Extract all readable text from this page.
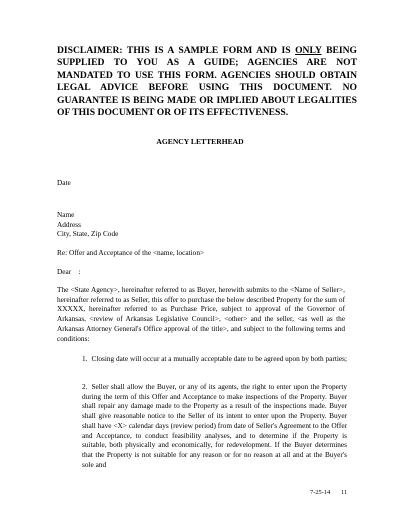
DISCLAIMER: THIS IS A SAMPLE FORM AND IS ONLY BEING SUPPLIED TO YOU AS A GUIDE; AGENCIES ARE NOT MANDATED TO USE THIS FORM. AGENCIES SHOULD OBTAIN LEGAL ADVICE BEFORE USING THIS DOCUMENT. NO GUARANTEE IS BEING MADE OR IMPLIED ABOUT LEGALITIES OF THIS DOCUMENT OR OF ITS EFFECTIVENESS.
AGENCY LETTERHEAD
Date
Name
Address
City, State, Zip Code
Re: Offer and Acceptance of the <name, location>
Dear    :
The <State Agency>, hereinafter referred to as Buyer, herewith submits to the <Name of Seller>, hereinafter referred to as Seller, this offer to purchase the below described Property for the sum of XXXXX, hereinafter referred to as Purchase Price, subject to approval of the Governor of Arkansas, <review of Arkansas Legislative Council>, <other> and the seller, <as well as the Arkansas Attorney General's Office approval of the title>, and subject to the following terms and conditions:
1. Closing date will occur at a mutually acceptable date to be agreed upon by both parties;
2. Seller shall allow the Buyer, or any of its agents, the right to enter upon the Property during the term of this Offer and Acceptance to make inspections of the Property. Buyer shall repair any damage made to the Property as a result of the inspections made. Buyer shall give reasonable notice to the Seller of its intent to enter upon the Property. Buyer shall have <X> calendar days (review period) from date of Seller's Agreement to the Offer and Acceptance, to conduct feasibility analyses, and to determine if the Property is suitable, both physically and economically, for redevelopment. If the Buyer determines that the Property is not suitable for any reason or for no reason at all and at the Buyer's sole and
7-25-14 11
